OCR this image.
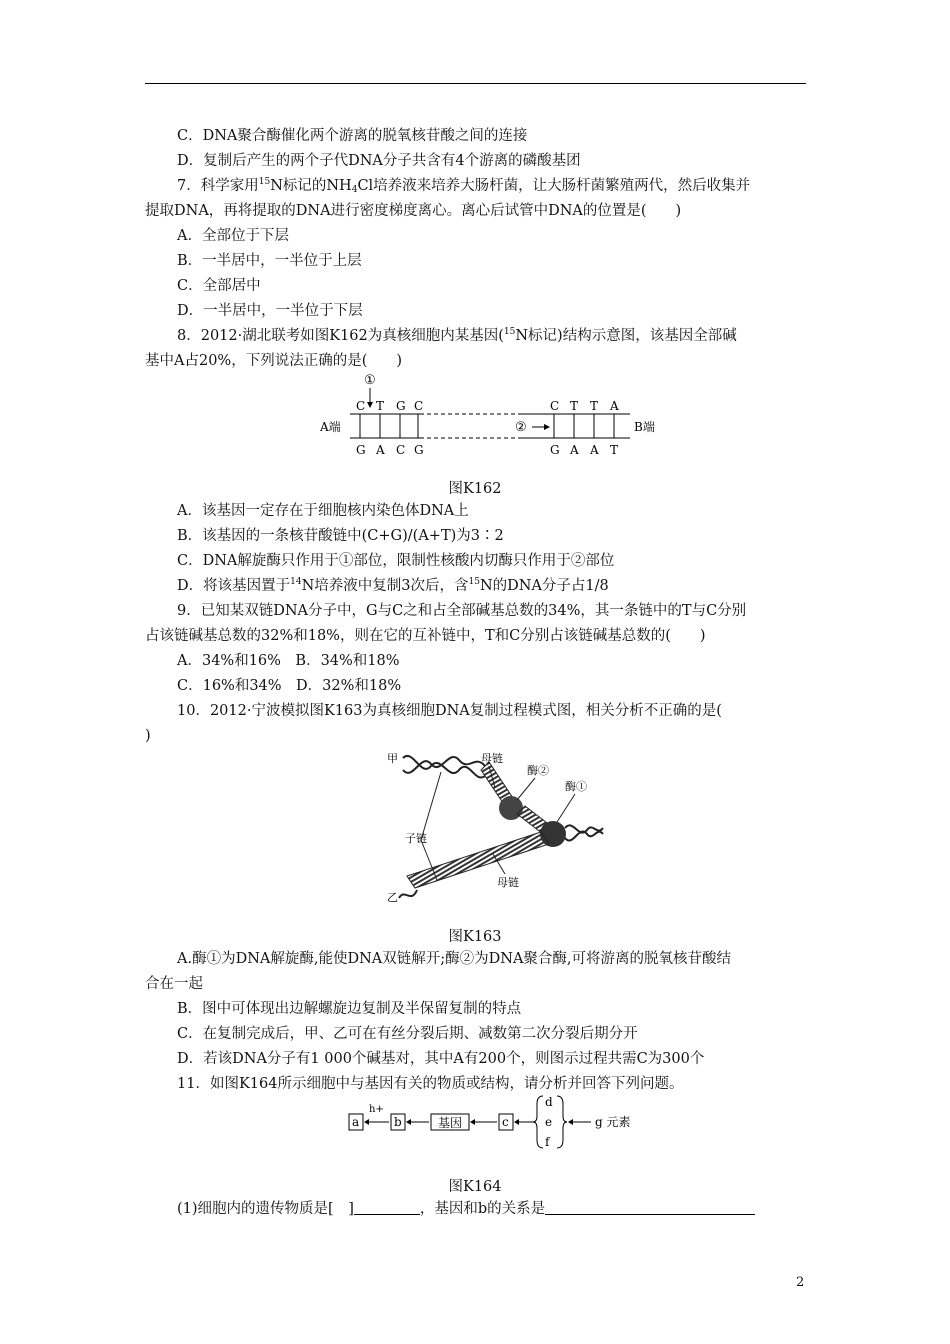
C．DNA聚合酶催化两个游离的脱氧核苷酸之间的连接
D．复制后产生的两个子代DNA分子共含有4个游离的磷酸基团
7．科学家用$^{15}$N标记的$NH_4Cl$培养液来培养大肠杆菌，让大肠杆菌繁殖两代，然后收集并
提取DNA，再将提取的DNA进行密度梯度离心。离心后试管中DNA的位置是(　　)
A．全部位于下层
B．一半居中，一半位于上层
C．全部居中
D．一半居中，一半位于下层
8．2012·湖北联考如图K162为真核细胞内某基因($^{15}$N标记)结构示意图，该基因全部碱
基中A占20%，下列说法正确的是(　　)
①
C T G C	C T T A
②
A端	B端
G A C G	G A A T
图K162
A．该基因一定存在于细胞核内染色体DNA上
B．该基因的一条核苷酸链中(C+G)/(A+T)为3∶2
C．DNA解旋酶只作用于①部位，限制性核酸内切酶只作用于②部位
D．将该基因置于$^{14}$N培养液中复制3次后，含$^{15}$N的DNA分子占1/8
9．已知某双链DNA分子中，G与C之和占全部碱基总数的34%，其一条链中的T与C分别
占该链碱基总数的32%和18%，则在它的互补链中，T和C分别占该链碱基总数的(　　)
A．34%和16%　B．34%和18%
C．16%和34%　D．32%和18%
10．2012·宁波模拟图K163为真核细胞DNA复制过程模式图，相关分析不正确的是(
)
甲
乙
母链
酶②
酶①
子链
母链
图K163
A.酶①为DNA解旋酶,能使DNA双链解开;酶②为DNA聚合酶,可将游离的脱氧核苷酸结
合在一起
B．图中可体现出边解螺旋边复制及半保留复制的特点
C．在复制完成后，甲、乙可在有丝分裂后期、减数第二次分裂后期分开
D．若该DNA分子有1 000个碱基对，其中A有200个，则图示过程共需C为300个
11．如图K164所示细胞中与基因有关的物质或结构，请分析并回答下列问题。
a
h+
b	基因	c
d
e
f
g 元素
图K164
(1)细胞内的遗传物质是[　]	，基因和b的关系是
2
